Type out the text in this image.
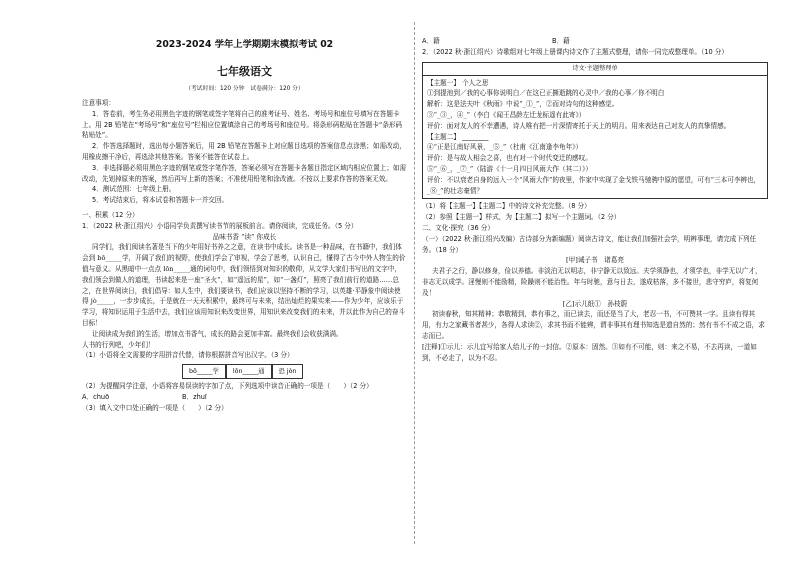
2023-2024 学年上学期期末模拟考试 02
七年级语文
（考试时间：120 分钟　试卷满分：120 分）
注意事项：
1．答卷前，考生务必用黑色字迹的钢笔或签字笔将自己的准考证号、姓名、考场号和座位号填写在答题卡上。用 2B 铅笔在“考场号”和“座位号”栏相应位置填涂自己的考场号和座位号。将条形码粘贴在答题卡“条形码粘贴处”。
2．作答选择题时，选出每小题答案后，用 2B 铅笔在答题卡上对应题目选项的答案信息点涂黑；如需改动，用橡皮擦干净后，再选涂其他答案。答案不能答在试卷上。
3．非选择题必须用黑色字迹的钢笔或签字笔作答，答案必须写在答题卡各题目指定区域内相应位置上；如需改动，先划掉原来的答案，然后再写上新的答案；不准使用铅笔和涂改液。不按以上要求作答的答案无效。
4．测试范围：七年级上册。
5．考试结束后，将本试卷和答题卡一并交回。
一、积累（12 分）
1．（2022 秋·浙江绍兴）小语同学负责撰写读书节的展板前言。请你阅读，完成任务。（5 分）
品味书香 “读” 你成长
同学们，我们阅读名著是当下的少年用好书养之之意，在读书中成长。读书是一种品味，在书籍中，我们体会到 bō_____学，开阔了我们的视野，使我们学会了审视，学会了思考，认识自己，懂得了古今中外人物生的价值与意义。从黑暗中一点点 lōn_____通的词句中，我们领悟到对知识的敬仰，从文学大家们书写出的文字中，我们领会到做人的道理，书读起来是一座“圣火”，如“遥远的星”，如“一盏灯”，照亮了我们前行的道路……总之，在世界阅读日，我们倡导：如人生中，我们要读书，我们应该以坚持不断的学习，以英雄·平静象中阅读使得 jò_____，一步步成长，于是就在一天天积累中，最终可与未来，结出灿烂的果实来——作为少年，应该乐于学习，将知识运用于生活中去，我们应该用知识来改变世界，用知识来改变我们的未来，并以此作为自己的奋斗目标！
让阅读成为我们的生活，增加点书香气，成长的路会更加丰富。最终我们会收获满满。
人书的行列吧，少年们！
（1）小语将全文需要的字用拼音代替，请你根据拼音写出汉字。（3 分）
bō_____学	lōn_____通	恐 jòn
（2）为提醒同学注意，小语将容易误读的字加了点，下列选项中读音正确的一项是（　　）（2 分）
A．chuō	B．zhuī
（3）填入文中口处正确的一项是（　　）（2 分）
A．籍	B．藉
2．（2022 秋·浙江绍兴）诗歌组对七年级上册课内诗文作了主题式整理，请你一同完成整理单。（10 分）
诗文·主题整理单
【主题一】 个人之思
①到提池到／我的心事你说明白／在这已正撕逝跳的心灵中／我的心事／你不明白
解析：这是法夫叶《秋雨》中说“_①_”，②而对诗句的这种感觉。
③“_③_，④_”（李白《闻王昌龄左迁龙标遥有此寄》）
评价：面对友人的不幸遭遇，诗人唯有把一片深情寄托于天上的明月。用来表达自己对友人的真挚情感。
【主题二】 ________
④“正是江南好风景，_⑤_”（杜甫《江南逢李龟年》）
评价：是与故人相会之喜，也有对一个时代变迁的感叹。
⑤“_⑥_，_⑦_”（陆游《十一月四日风雨大作（其二）》）
评价：不以衰老自身的远入一个“风雨大作”的夜里，作家中实现了金戈铁马驰骋中原的愿望，可有“三本可李辨也，_⑧_”的壮志豪情？
（1）将【主题一】【主题二】中的诗文补充完整。（8 分）
（2）参照【主题一】样式，为【主题二】拟写一个主题词。（2 分）
二、文化·探究（36 分）
（一）（2022 秋·浙江绍兴改编）古诗部分为新编题）阅读古诗文，能让我们加强社会学，明辨事理，请完成下列任务。（18 分）
[甲]诫子书　诸葛亮
夫君子之行，静以修身，俭以养德。非淡泊无以明志，非宁静无以致远。夫学须静也，才须学也，非学无以广才，非志无以成学。淫慢则不能励精，险躁则不能治性。年与时驰，意与日去，遂成枯落，多不接世，悲守穷庐，将复何及！
[乙]示儿纸①　孙枝蔚
初读春秋，知其精神；恭敬精到，恭有事之，而已读去，而还是当了大，老忍一书，不可赞其一字。且读有得其用，有力之家藏书者甚少，各得人求读②，求其书而不能辨，谓非事其有理书知选是遗自然的；然有书不不成之语，求志而已。
[注释]①示儿：示儿宜写给家人给儿子的一封信。②原本：固然。③如有不可能，则：来之不易，不去再读，一道如到，不必走了，以为不忍。
